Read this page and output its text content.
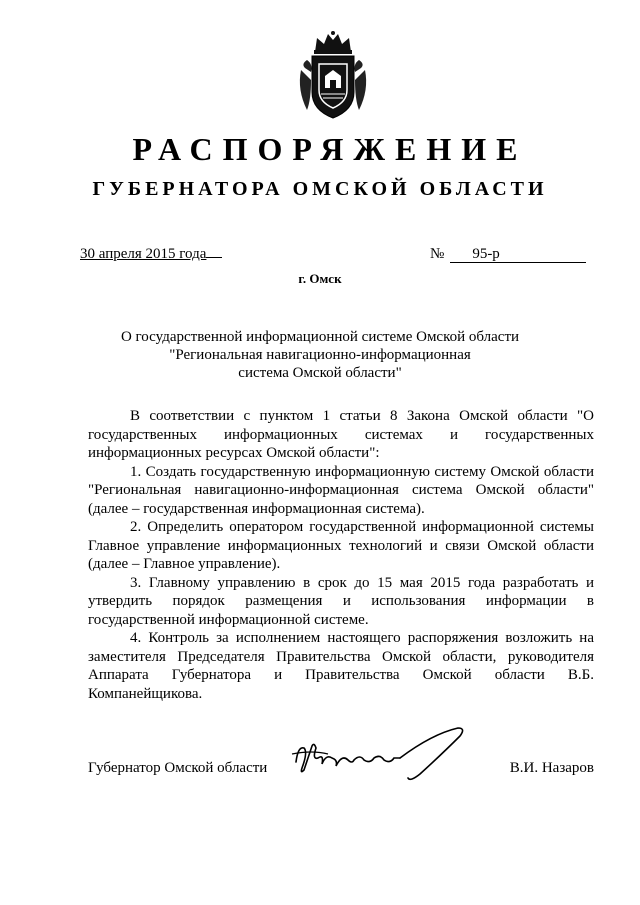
РАСПОРЯЖЕНИЕ
ГУБЕРНАТОРА ОМСКОЙ ОБЛАСТИ
30 апреля 2015 года	№ 95-р
г. Омск
О государственной информационной системе Омской области
"Региональная навигационно-информационная
система Омской области"

В соответствии с пунктом 1 статьи 8 Закона Омской области "О государственных информационных системах и государственных информационных ресурсах Омской области":

1. Создать государственную информационную систему Омской области "Региональная навигационно-информационная система Омской области" (далее – государственная информационная система).

2. Определить оператором государственной информационной системы Главное управление информационных технологий и связи Омской области (далее – Главное управление).

3. Главному управлению в срок до 15 мая 2015 года разработать и утвердить порядок размещения и использования информации в государственной информационной системе.

4. Контроль за исполнением настоящего распоряжения возложить на заместителя Председателя Правительства Омской области, руководителя Аппарата Губернатора и Правительства Омской области В.Б. Компанейщикова.

Губернатор Омской области	В.И. Назаров
